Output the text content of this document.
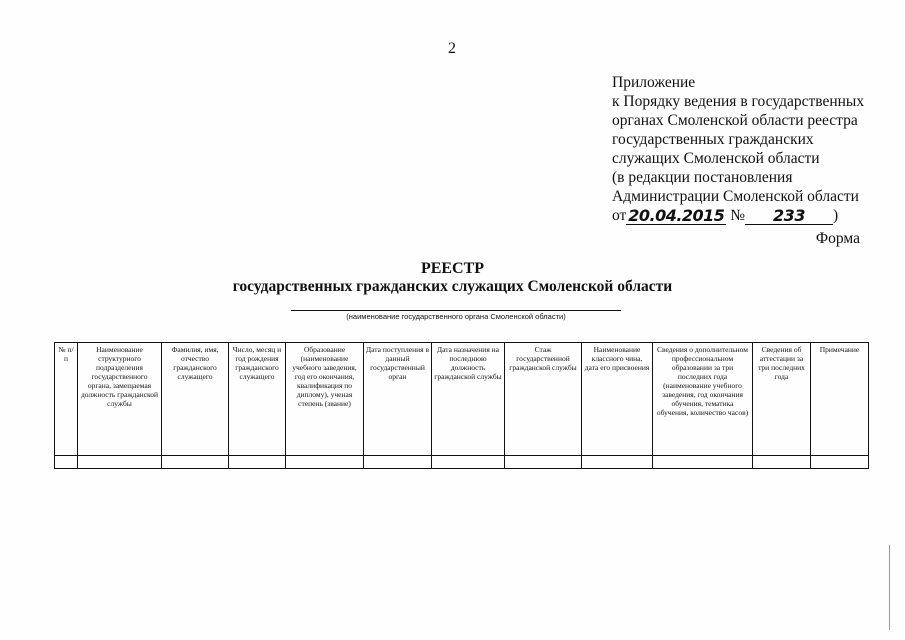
2
Приложение
к Порядку ведения в государственных
органах Смоленской области реестра
государственных гражданских
служащих Смоленской области
(в редакции постановления
Администрации Смоленской области
от 20.04.2015 № 233 )
Форма
РЕЕСТР
государственных гражданских служащих Смоленской области
(наименование государственного органа Смоленской области)
№ п/п	Наименование структурного подразделения государственного органа, замещаемая должность гражданской службы	Фамилия, имя, отчество гражданского служащего	Число, месяц и год рождения гражданского служащего	Образование (наименование учебного заведения, год его окончания, квалификация по диплому), ученая степень (звание)	Дата поступления в данный государственный орган	Дата назначения на последнюю должность гражданской службы	Стаж государственной гражданской службы	Наименование классного чина, дата его присвоения	Сведения о дополнительном профессиональном образовании за три последних года (наименование учебного заведения, год окончания обучения, тематика обучения, количество часов)	Сведения об аттестации за три последних года	Примечание
